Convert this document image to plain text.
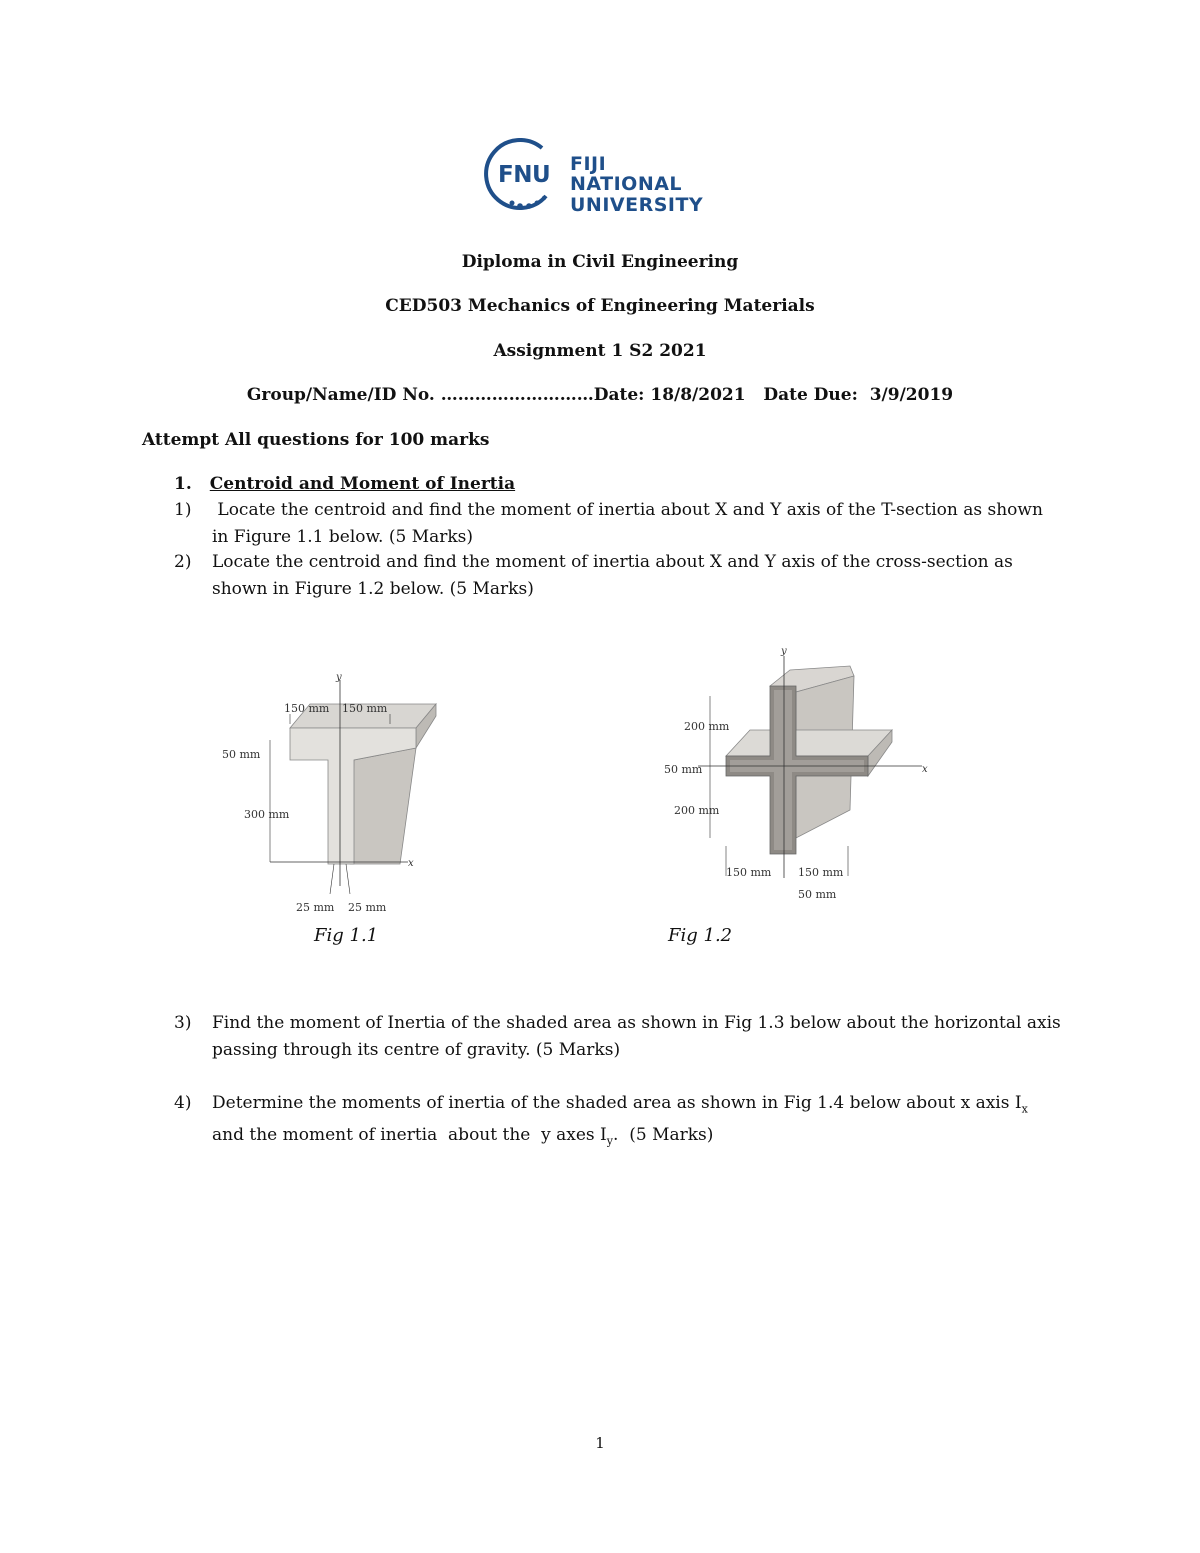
FNU FIJI NATIONAL
UNIVERSITY
Diploma in Civil Engineering
CED503 Mechanics of Engineering Materials
Assignment 1 S2 2021
Group/Name/ID No. ………………………Date: 18/8/2021   Date Due:  3/9/2019
Attempt All questions for 100 marks
1. Centroid and Moment of Inertia
1) Locate the centroid and find the moment of inertia about X and Y axis of the T-section as shown in Figure 1.1 below. (5 Marks)
2) Locate the centroid and find the moment of inertia about X and Y axis of the cross-section as shown in Figure 1.2 below. (5 Marks)
y
x
150 mm 150 mm
50 mm
300 mm
25 mm 25 mm
Fig 1.1
y
x
200 mm
50 mm
200 mm
150 mm 150 mm
50 mm
Fig 1.2
3) Find the moment of Inertia of the shaded area as shown in Fig 1.3 below about the horizontal axis passing through its centre of gravity. (5 Marks)
4) Determine the moments of inertia of the shaded area as shown in Fig 1.4 below about x axis $I_x$ and the moment of inertia  about the  y axes $I_y$.  (5 Marks)
1
